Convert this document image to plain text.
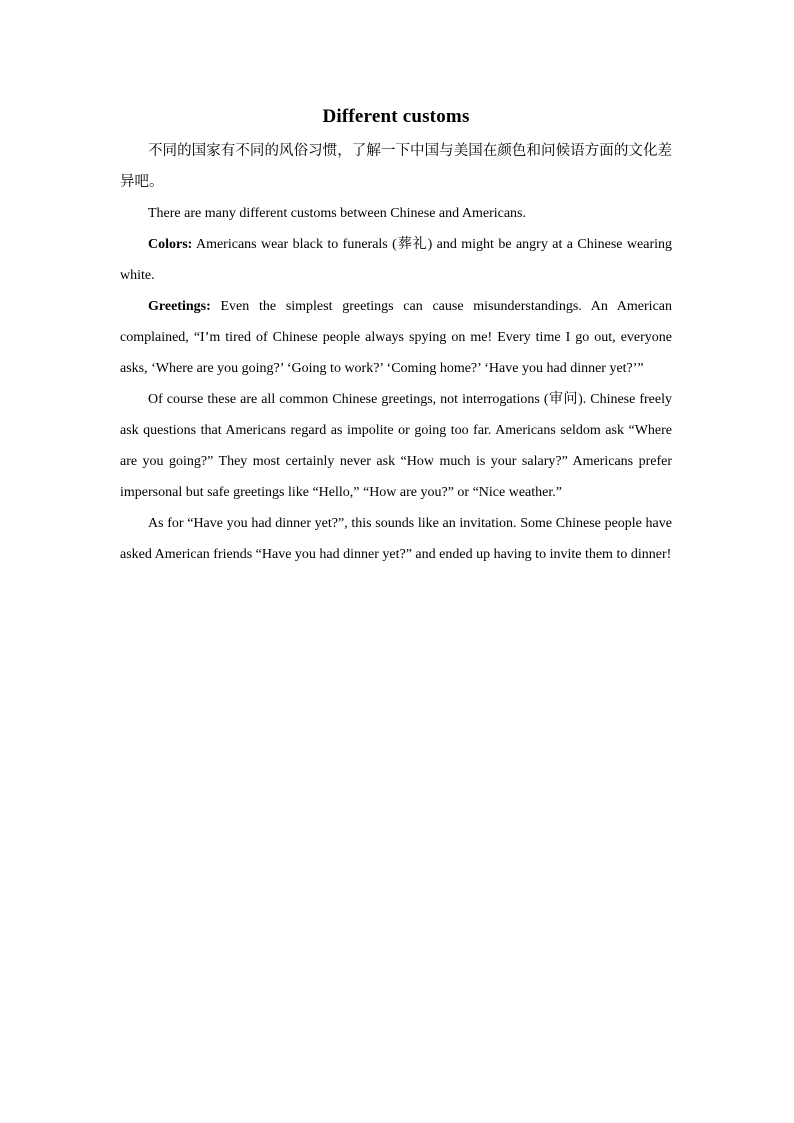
Different customs

不同的国家有不同的风俗习惯，了解一下中国与美国在颜色和问候语方面的文化差异吧。

There are many different customs between Chinese and Americans.

Colors: Americans wear black to funerals (葬礼) and might be angry at a Chinese wearing white.

Greetings: Even the simplest greetings can cause misunderstandings. An American complained, “I’m tired of Chinese people always spying on me! Every time I go out, everyone asks, ‘Where are you going?’ ‘Going to work?’ ‘Coming home?’ ‘Have you had dinner yet?’”

Of course these are all common Chinese greetings, not interrogations (审问). Chinese freely ask questions that Americans regard as impolite or going too far. Americans seldom ask “Where are you going?” They most certainly never ask “How much is your salary?” Americans prefer impersonal but safe greetings like “Hello,” “How are you?” or “Nice weather.”

As for “Have you had dinner yet?”, this sounds like an invitation. Some Chinese people have asked American friends “Have you had dinner yet?” and ended up having to invite them to dinner!
